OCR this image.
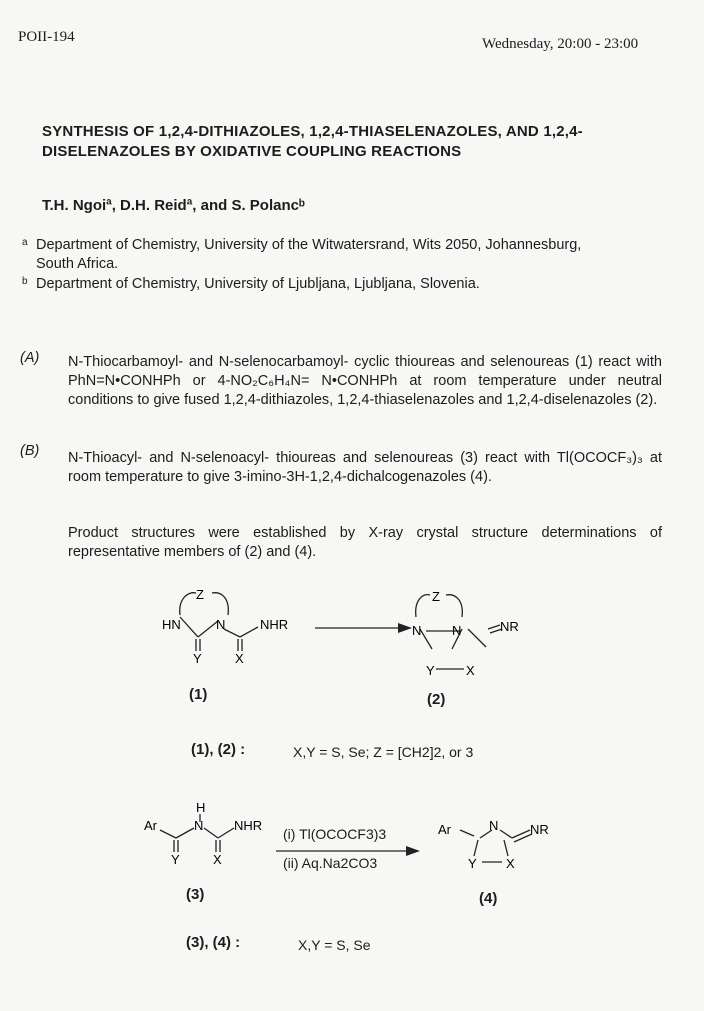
POII-194	Wednesday, 20:00 - 23:00
SYNTHESIS OF 1,2,4-DITHIAZOLES, 1,2,4-THIASELENAZOLES, AND 1,2,4-DISELENAZOLES BY OXIDATIVE COUPLING REACTIONS
T.H. Ngoiª, D.H. Reidª, and S. Polancᵇ
a Department of Chemistry, University of the Witwatersrand, Wits 2050, Johannesburg, South Africa.
b Department of Chemistry, University of Ljubljana, Ljubljana, Slovenia.
(A) N-Thiocarbamoyl- and N-selenocarbamoyl- cyclic thioureas and selenoureas (1) react with PhN=N•CONHPh or 4-NO₂C₆H₄N= N•CONHPh at room temperature under neutral conditions to give fused 1,2,4-dithiazoles, 1,2,4-thiaselenazoles and 1,2,4-diselenazoles (2).
(B) N-Thioacyl- and N-selenoacyl- thioureas and selenoureas (3) react with Tl(OCOCF₃)₃ at room temperature to give 3-imino-3H-1,2,4-dichalcogenazoles (4).
Product structures were established by X-ray crystal structure determinations of representative members of (2) and (4).
Z
HN	N	NHR
Y	X
Z
N N	NR
Y X
(1)	(2)
(1), (2) :	X,Y = S, Se; Z = [CH2]2, or 3
Ar
H
N NHR
Y	X
Ar	N NR
Y X
(i) Tl(OCOCF3)3
(ii) Aq.Na2CO3
(3)	(4)
(3), (4) :	X,Y = S, Se
